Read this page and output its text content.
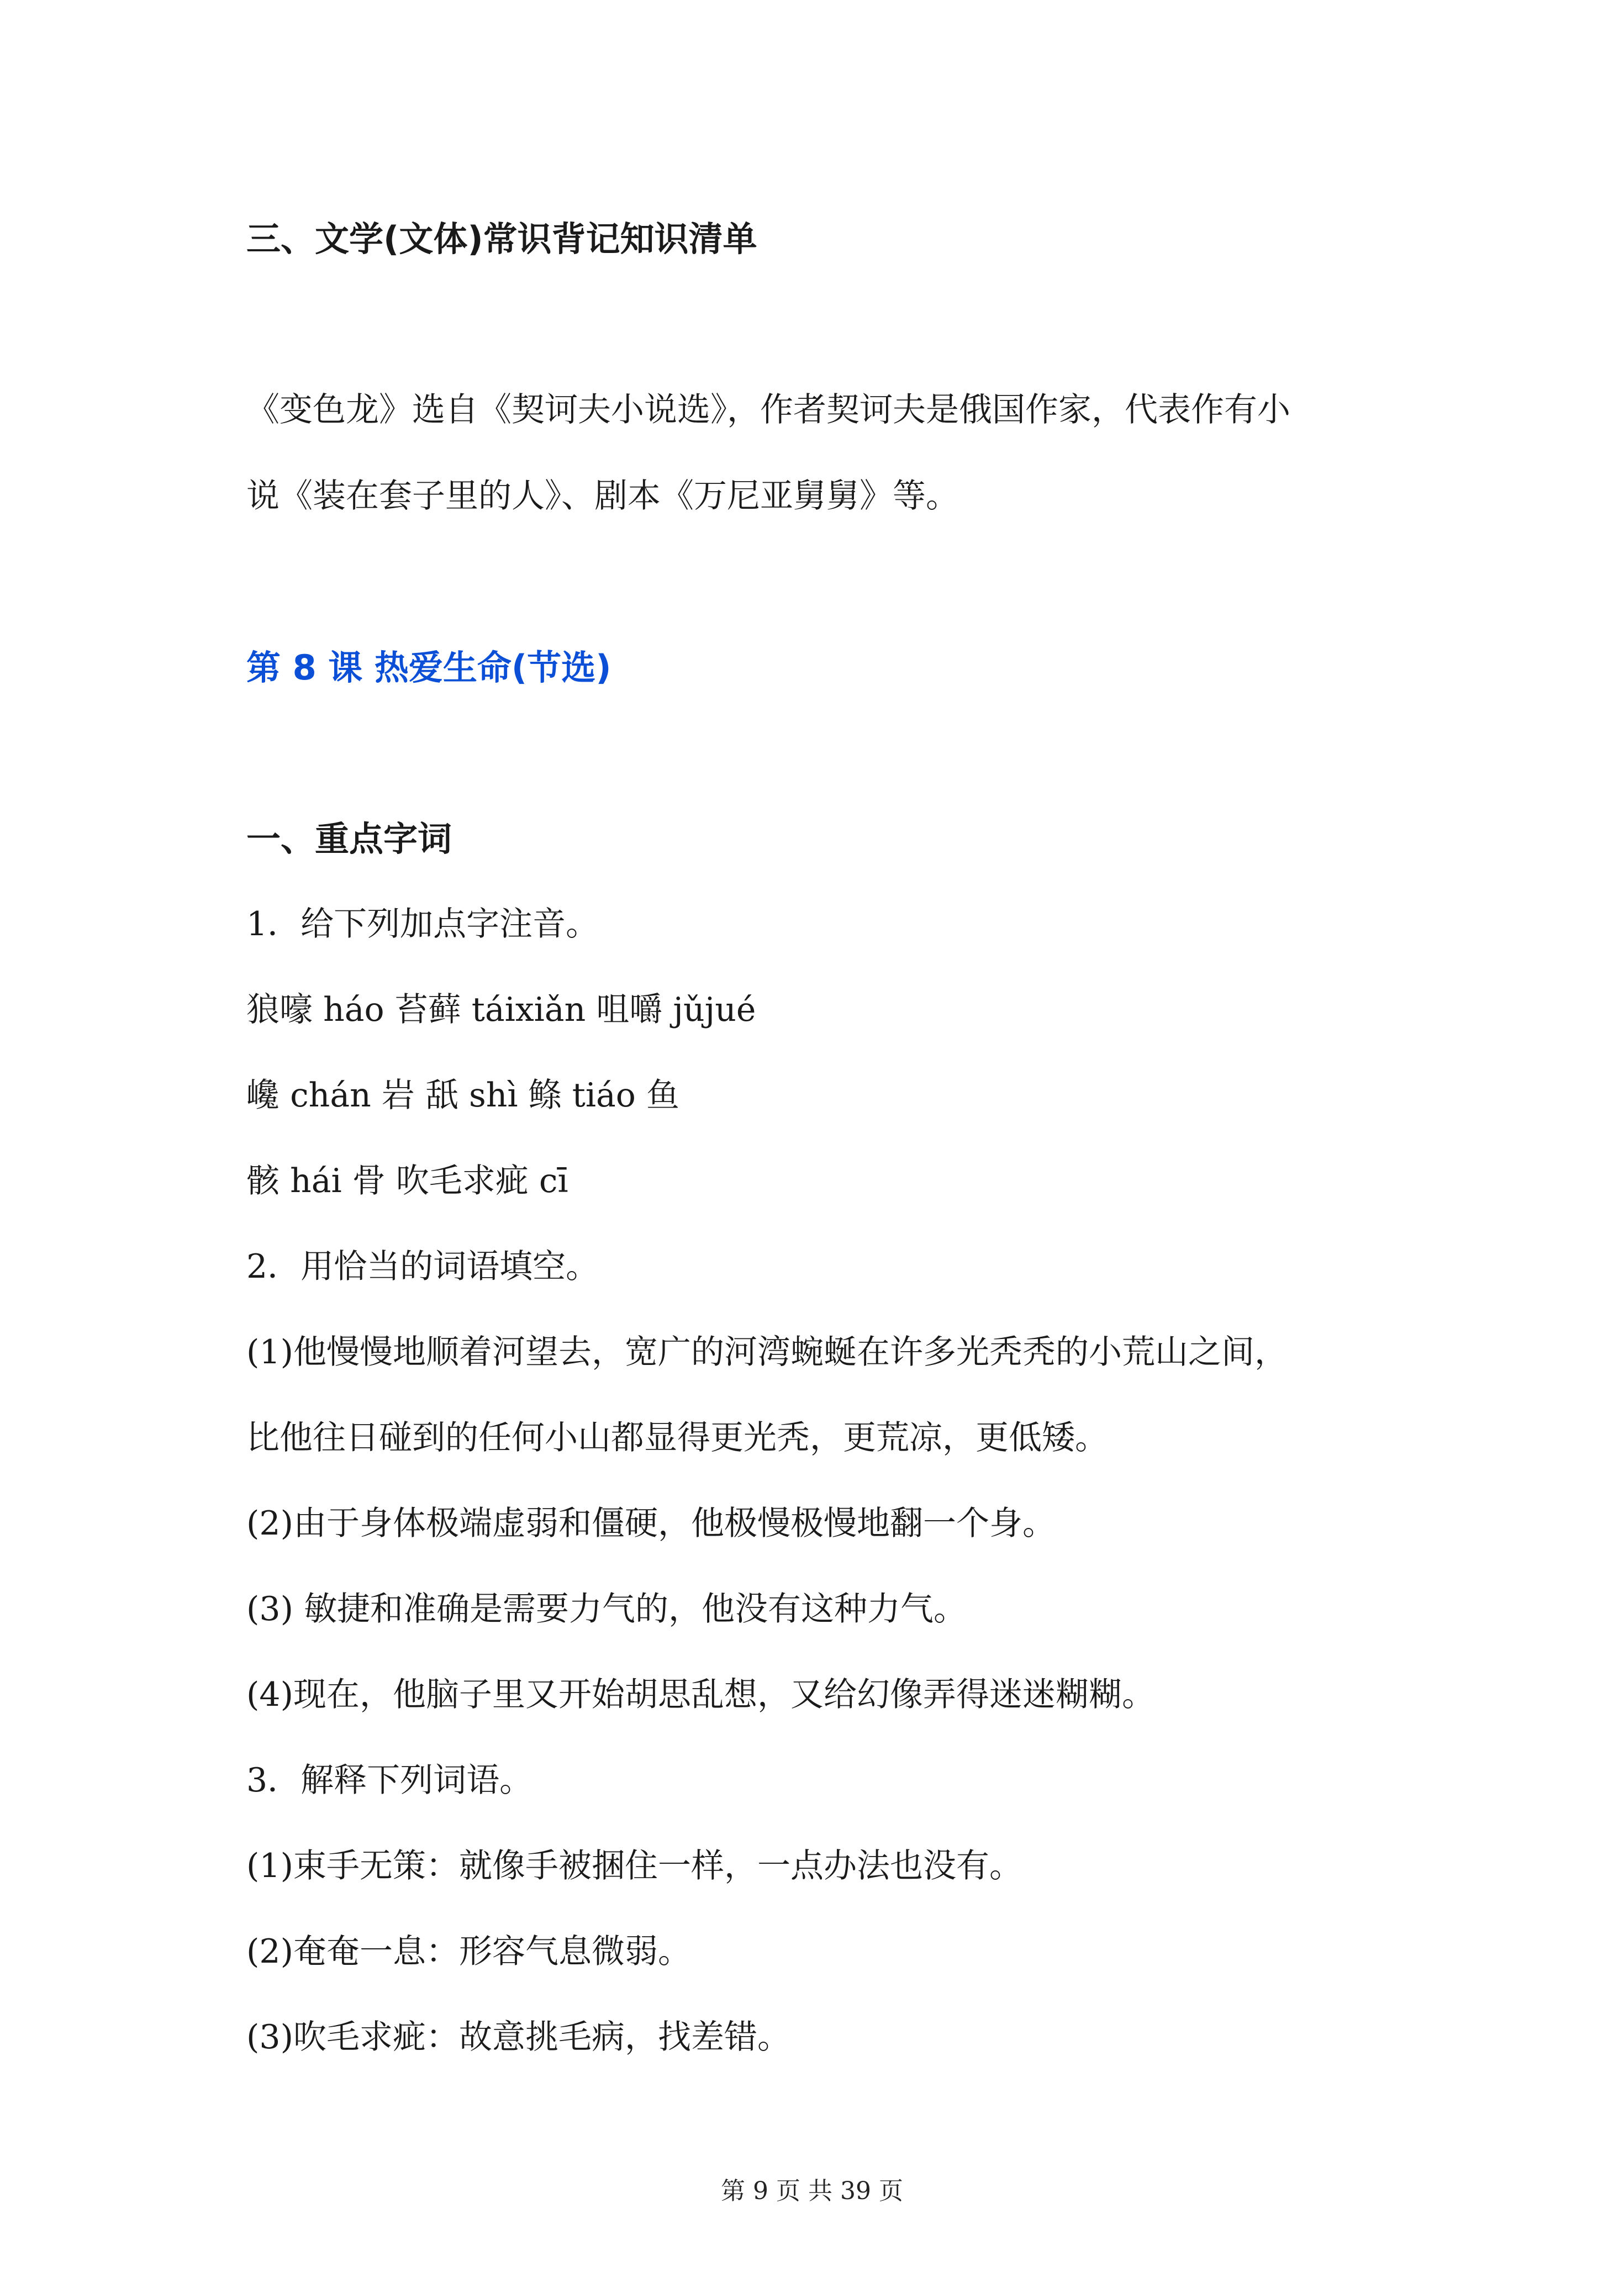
三、文学(文体)常识背记知识清单
《变色龙》选自《契诃夫小说选》，作者契诃夫是俄国作家，代表作有小
说《装在套子里的人》、剧本《万尼亚舅舅》等。
第 8 课 热爱生命(节选)
一、重点字词
1．给下列加点字注音。
狼嚎 háo 苔藓 táixiǎn 咀嚼 jǔjué
巉 chán 岩 舐 shì 鲦 tiáo 鱼
骸 hái 骨 吹毛求疵 cī
2．用恰当的词语填空。
(1)他慢慢地顺着河望去，宽广的河湾蜿蜒在许多光秃秃的小荒山之间，
比他往日碰到的任何小山都显得更光秃，更荒凉，更低矮。
(2)由于身体极端虚弱和僵硬，他极慢极慢地翻一个身。
(3) 敏捷和准确是需要力气的，他没有这种力气。
(4)现在，他脑子里又开始胡思乱想，又给幻像弄得迷迷糊糊。
3．解释下列词语。
(1)束手无策：就像手被捆住一样，一点办法也没有。
(2)奄奄一息：形容气息微弱。
(3)吹毛求疵：故意挑毛病，找差错。
第 9 页 共 39 页
